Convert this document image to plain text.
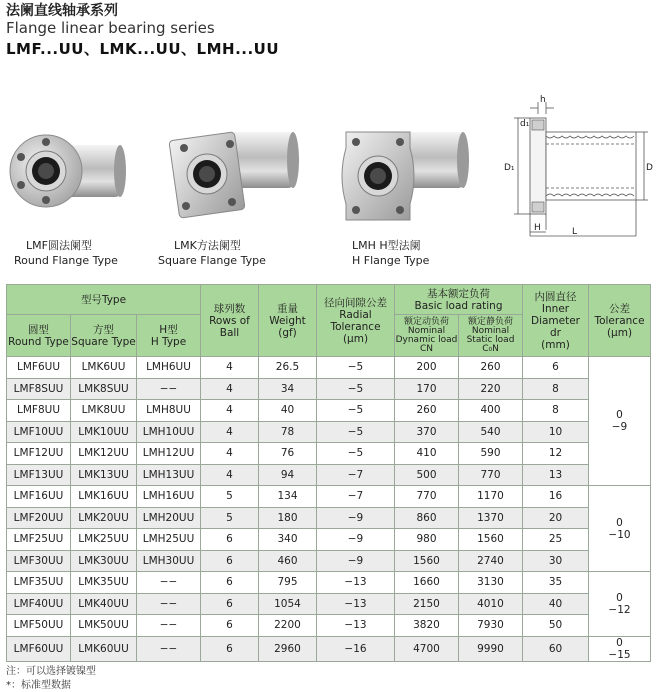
法阑直线轴承系列
Flange linear bearing series
LMF...UU、LMK...UU、LMH...UU
LMF圆法阑型
Round Flange Type
LMK方法阑型
Square Flange Type
LMH H型法阑
H Flange Type
h
d₁
D₁	D
H	L
型号Type			球列数
Rows of
Ball	重量
Weight
(gf)	径向间隙公差
Radial
Tolerance
(μm)	基本额定负荷
Basic load rating		内圆直径
Inner
Diameter
dr
(mm)	公差
Tolerance
(μm)

圆型
Round Type	方型
Square Type	H型
H Type				额定动负荷
Nominal
Dynamic load
CN	额定静负荷
Nominal
Static load
C₀N		

LMF6UU	LMK6UU	LMH6UU	4	26.5	−5	200	260	6	0
−9

LMF8SUU	LMK8SUU	−−	4	34	−5	170	220	8	
LMF8UU	LMK8UU	LMH8UU	4	40	−5	260	400	8	
LMF10UU	LMK10UU	LMH10UU	4	78	−5	370	540	10	
LMF12UU	LMK12UU	LMH12UU	4	76	−5	410	590	12	
LMF13UU	LMK13UU	LMH13UU	4	94	−7	500	770	13	
LMF16UU	LMK16UU	LMH16UU	5	134	−7	770	1170	16	0
−10

LMF20UU	LMK20UU	LMH20UU	5	180	−9	860	1370	20	
LMF25UU	LMK25UU	LMH25UU	6	340	−9	980	1560	25	
LMF30UU	LMK30UU	LMH30UU	6	460	−9	1560	2740	30	
LMF35UU	LMK35UU	−−	6	795	−13	1660	3130	35	0
−12

LMF40UU	LMK40UU	−−	6	1054	−13	2150	4010	40	
LMF50UU	LMK50UU	−−	6	2200	−13	3820	7930	50	
LMF60UU	LMK60UU	−−	6	2960	−16	4700	9990	60	0
−15
注：可以选择镀镍型
*：标准型数据
